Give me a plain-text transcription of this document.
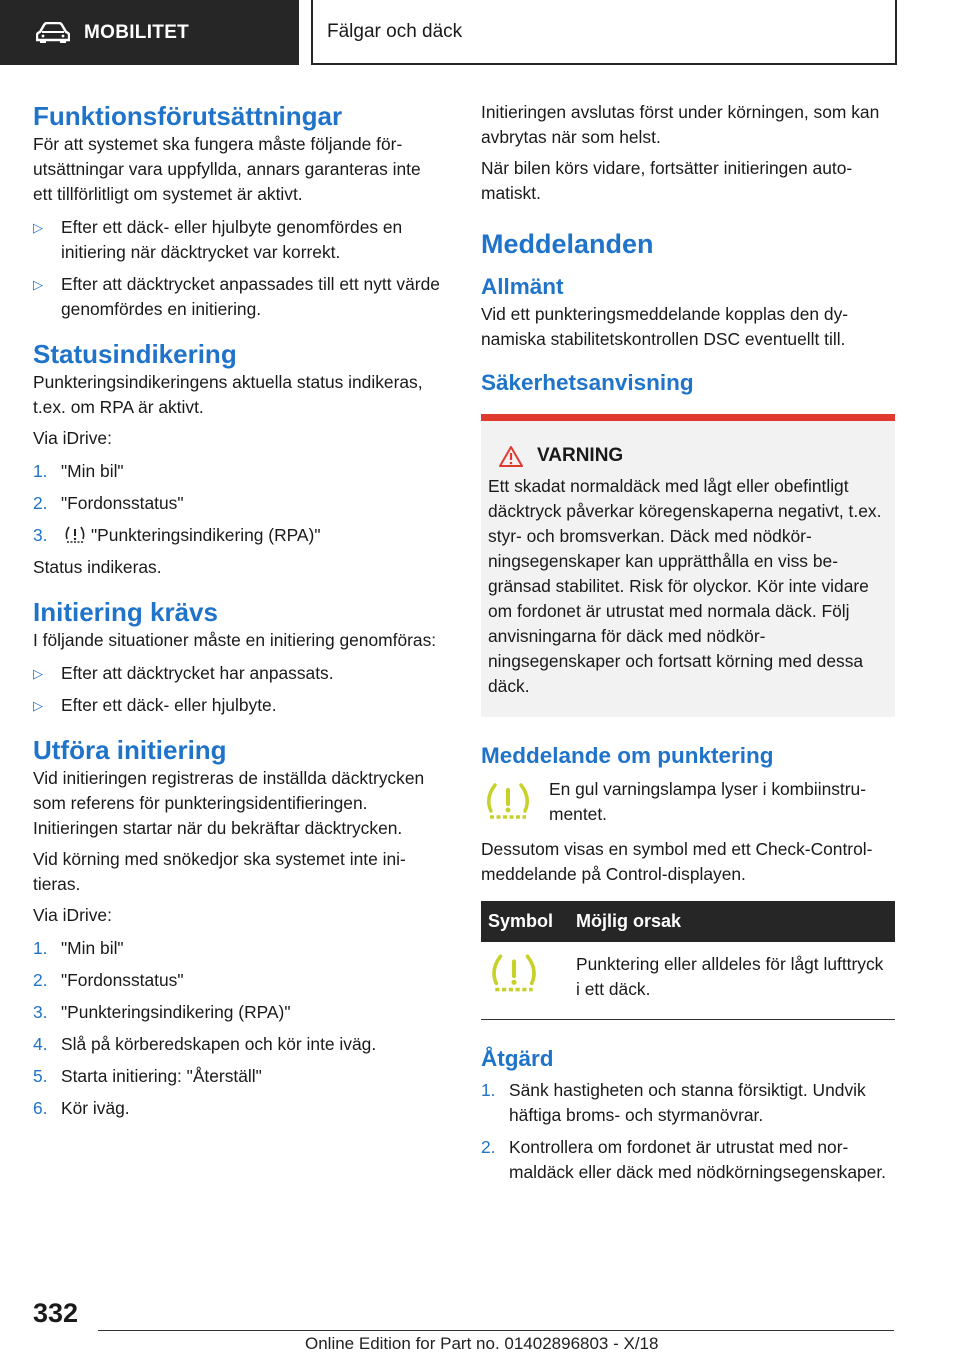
MOBILITET	Fälgar och däck
Funktionsförutsättningar

För att systemet ska fungera måste följande förutsättningar vara uppfyllda, annars garanteras inte ett tillförlitligt om systemet är aktivt.

▷ Efter ett däck- eller hjulbyte genomfördes en initiering när däcktrycket var korrekt.
▷ Efter att däcktrycket anpassades till ett nytt värde genomfördes en initiering.
Statusindikering

Punkteringsindikeringens aktuella status indikeras, t.ex. om RPA är aktivt.

Via iDrive:

1. "Min bil"
2. "Fordonsstatus"
3. "Punkteringsindikering (RPA)"

Status indikeras.

Initiering krävs

I följande situationer måste en initiering genomföras:

▷ Efter att däcktrycket har anpassats.
▷ Efter ett däck- eller hjulbyte.
Utföra initiering

Vid initieringen registreras de inställda däcktrycken som referens för punkteringsidentifieringen. Initieringen startar när du bekräftar däcktrycken.

Vid körning med snökedjor ska systemet inte initieras.

Via iDrive:

1. "Min bil"
2. "Fordonsstatus"
3. "Punkteringsindikering (RPA)"
4. Slå på körberedskapen och kör inte iväg.
5. Starta initiering: "Återställ"
6. Kör iväg.

Initieringen avslutas först under körningen, som kan avbrytas när som helst.

När bilen körs vidare, fortsätter initieringen automatiskt.

Meddelanden
Allmänt

Vid ett punkteringsmeddelande kopplas den dynamiska stabilitetskontrollen DSC eventuellt till.

Säkerhetsanvisning
VARNING

Ett skadat normaldäck med lågt eller obefintligt däcktryck påverkar köregenskaperna negativt, t.ex. styr- och bromsverkan. Däck med nödkörningsegenskaper kan upprätthålla en viss begränsad stabilitet. Risk för olyckor. Kör inte vidare om fordonet är utrustat med normala däck. Följ anvisningarna för däck med nödkörningsegenskaper och fortsatt körning med dessa däck.

Meddelande om punktering

En gul varningslampa lyser i kombiinstrumentet.

Dessutom visas en symbol med ett Check-Control-meddelande på Control-displayen.

Symbol	Möjlig orsak
	Punktering eller alldeles för lågt lufttryck i ett däck.
Åtgärd
1. Sänk hastigheten och stanna försiktigt. Undvik häftiga broms- och styrmanövrar.
2. Kontrollera om fordonet är utrustat med normaldäck eller däck med nödkörningsegenskaper.
332
Online Edition for Part no. 01402896803 - X/18
